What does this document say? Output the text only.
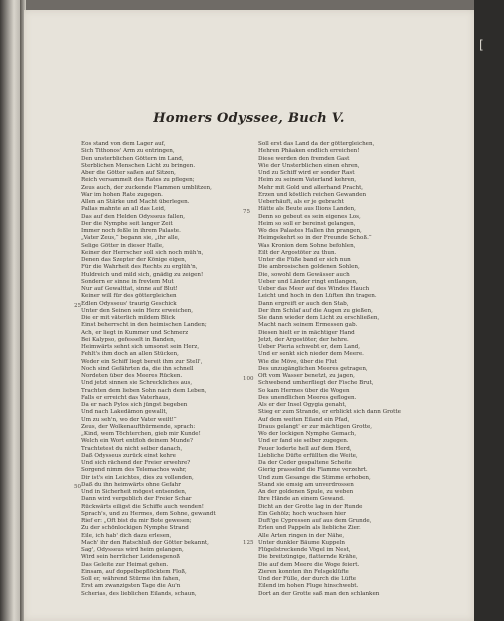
[
Homers Odyssee, Buch V.
Eos stand von dem Lager auf,
Sich Tithonos' Arm zu entringen,
Den unsterblichen Göttern im Land,
Sterblichen Menschen Licht zu bringen.
Aber die Götter saßen auf Sitzen,
Reich versammelt des Rates zu pflegen;
Zeus auch, der zuckende Flammen umblitzen,
War im hohen Rate zugegen.
Allen an Stärke und Macht überlegen.
Pallas mahnte an all das Leid,
Das auf den Helden Odysseus fallen,
Der die Nymphe seit langer Zeit
Immer noch feßle in ihrem Palaste.
„Vater Zeus,“ begann sie, „ihr alle,
Selige Götter in dieser Halle,
Keiner der Herrscher soll sich noch müh'n,
Denen das Szepter der Könige eigen,
Für die Wahrheit des Rechts zu erglüh'n,
Huldreich und mild sich, gnädig zu zeigen!
Sondern er sinne in frevlem Mut
Nur auf Gewalttat, sinne auf Blut!
Keiner will für des göttergleichen
Edlen Odysseus' traurig Geschick
Unter den Seinen sein Herz erweichen,
Die er mit väterlich mildem Blick
Einst beherrscht in den heimischen Landen;
Ach, er liegt in Kummer und Schmerz
Bei Kalypso, gefesselt in Banden,
Heimwärts sehnt sich umsonst sein Herz,
Fehlt's ihm doch an allen Stücken,
Weder ein Schiff liegt bereit ihm zur Stell',
Noch sind Gefährten da, die ihn schnell
Nordeten über des Meeres Rücken.
Und jetzt sinnen sie Schreckliches aus,
Trachten dem lieben Sohn nach dem Leben,
Falls er erreicht das Vaterhaus,
Da er nach Pylos sich jüngst begeben
Und nach Lakedämon gewallt,
Um zu seh'n, wo der Vater weilt!“
Zeus, der Wolkenaufthürmende, sprach:
„Kind, wem Töchterchen, gieb mir Kunde!
Welch ein Wort entfloh deinem Munde?
Trachtetest du nicht selber danach,
Daß Odysseus zurück einst kehre
Und sich rächend der Freier erwehre?
Sorgend nimm des Telemachos wahr,
Dir ist's ein Leichtes, dies zu vollenden,
Daß du ihn heimwärts ohne Gefahr
Und in Sicherheit mögest entsenden,
Dann wird vergeblich der Freier Schar
Rückwärts eiligst die Schiffe auch wenden!
Sprach's, und zu Hermes, dem Sohne, gewandt
Rief er: „Oft bist du mir Bote gewesen;
Zu der schönlockigen Nymphe Strand
Eile, ich hab' dich dazu erlesen,
Mach' ihr den Ratschluß der Götter bekannt,
Sag', Odysseus wird heim gelangen,
Wird sein herrlicher Leidensgenoß
Das Geleite zur Heimat gehen.
Einsam, auf doppelbepflöcktem Floß,
Soll er, während Stürme ihn fahen,
Erst am zwanzigsten Tage die Au'n
Scherias, des lieblichen Eilands, schaun,
Soll erst das Land da der göttergleichen,
Hehren Phäaken endlich erreichen!
Diese werden den fremden Gast
Wie der Unsterblichen einen ehren,
Und zu Schiff wird er sonder Rast
Heim zu seinem Vaterland kehren,
Mehr mit Gold und allerhand Pracht,
Erzen und köstlich reichen Gewanden
Ueberhäuft, als er je gebracht
Hätte als Beute aus Ilions Landen,
Denn so gebeut es sein eigenes Los,
Heim so soll er bereinst gelangen,
Wo des Palastes Hallen ihn prangen,
Heimgekehrt so in der Freunde Schoß.“
Was Kronion dem Sohne befohlen,
Eilt der Argostöter zu thun.
Unter die Füße band er sich nun
Die ambrosischen goldenen Sohlen,
Die, sowohl dem Gewässer auch
Ueber und Länder ringt entlangen,
Ueber das Meer auf des Windes Hauch
Leicht und hoch in den Lüften ihn tragen.
Dann ergreift er auch den Stab,
Der ihm Schlaf auf die Augen zu gießen,
Sie dann wieder dem Licht zu erschließen,
Macht nach seinem Ermessen gab.
Diesen hielt er in mächtiger Hand
Jetzt, der Argostöter, der hehre.
Ueber Pieria schwebt er, dem Land,
Und er senkt sich nieder dem Meere.
Wie die Möve, über die Flut
Des unzugänglichen Meeres getragen,
Oft vom Wasser benetzt, zu jagen,
Schwebend umherfliegt der Fische Brut,
So kam Hermes über die Wogen
Des unendlichen Meeres geflogen.
Als er der Insel Ogygia genaht,
Stieg er zum Strande, er erblickt sich dann Grotte
Auf dem weiten Eiland ein Pfad,
Draus gelangt' er zur mächtigen Grotte,
Wo der lockigen Nymphe Gemach,
Und er fand sie selber zugegen.
Feuer loderte hell auf dem Herd,
Liebliche Düfte erfüllten die Weite,
Da der Ceder gespaltene Scheite
Gierig prasselnd die Flamme verzehrt.
Und zum Gesange die Stimme erhoben,
Stand sie emsig am unverdrossen
An der goldenen Spule, zu weben
Ihre Hände an einem Gewand.
Dicht an der Grotte lag in der Runde
Ein Gehölz; hoch wuchsen hier
Duft'ge Cypressen auf aus dem Grunde,
Erlen und Pappeln als liebliche Zier.
Alle Arten ringen in der Nähe,
Unter dunkler Bäume Kuppeln
Flügelstreckende Vögel im Nest,
Die breitzüngige, flatternde Krähe,
Die auf dem Meere die Woge feiert.
Zieren konnten ihn Felsgeklüfte
Und der Fülle, der durch die Lüfte
Eilend im hohen Fluge hinschwebt.
Dort an der Grotte saß man den schlanken
25
50
75
100
125
